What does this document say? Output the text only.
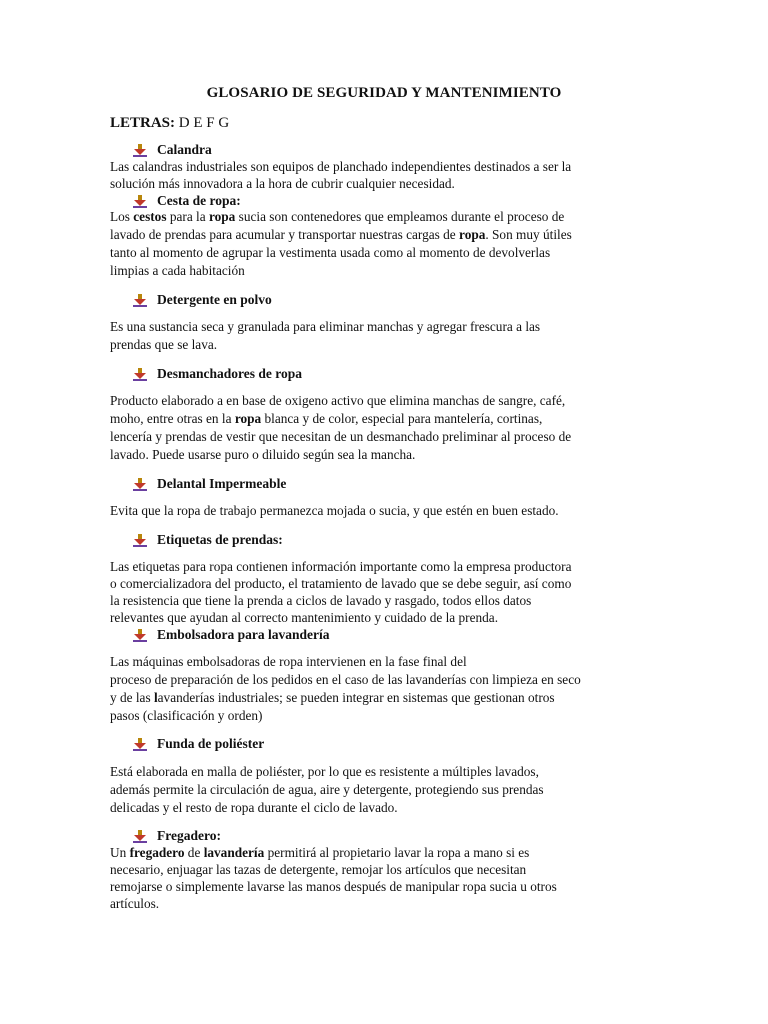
GLOSARIO DE SEGURIDAD Y MANTENIMIENTO
LETRAS: D E F G
Calandra
Las calandras industriales son equipos de planchado independientes destinados a ser la
solución más innovadora a la hora de cubrir cualquier necesidad.
Cesta de ropa:
Los cestos para la ropa sucia son contenedores que empleamos durante el proceso de
lavado de prendas para acumular y transportar nuestras cargas de ropa. Son muy útiles
tanto al momento de agrupar la vestimenta usada como al momento de devolverlas
limpias a cada habitación
Detergente en polvo
Es una sustancia seca y granulada para eliminar manchas y agregar frescura a las
prendas que se lava.
Desmanchadores de ropa
Producto elaborado a en base de oxigeno activo que elimina manchas de sangre, café,
moho, entre otras en la ropa blanca y de color, especial para mantelería, cortinas,
lencería y prendas de vestir que necesitan de un desmanchado preliminar al proceso de
lavado. Puede usarse puro o diluido según sea la mancha.
Delantal Impermeable
Evita que la ropa de trabajo permanezca mojada o sucia, y que estén en buen estado.
Etiquetas de prendas:
Las etiquetas para ropa contienen información importante como la empresa productora
o comercializadora del producto, el tratamiento de lavado que se debe seguir, así como
la resistencia que tiene la prenda a ciclos de lavado y rasgado, todos ellos datos
relevantes que ayudan al correcto mantenimiento y cuidado de la prenda.
Embolsadora para lavandería
Las máquinas embolsadoras de ropa intervienen en la fase final del
proceso de preparación de los pedidos en el caso de las lavanderías con limpieza en seco
y de las lavanderías industriales; se pueden integrar en sistemas que gestionan otros
pasos (clasificación y orden)
Funda de poliéster
Está elaborada en malla de poliéster, por lo que es resistente a múltiples lavados,
además permite la circulación de agua, aire y detergente, protegiendo sus prendas
delicadas y el resto de ropa durante el ciclo de lavado.
Fregadero:
Un fregadero de lavandería permitirá al propietario lavar la ropa a mano si es
necesario, enjuagar las tazas de detergente, remojar los artículos que necesitan
remojarse o simplemente lavarse las manos después de manipular ropa sucia u otros
artículos.
